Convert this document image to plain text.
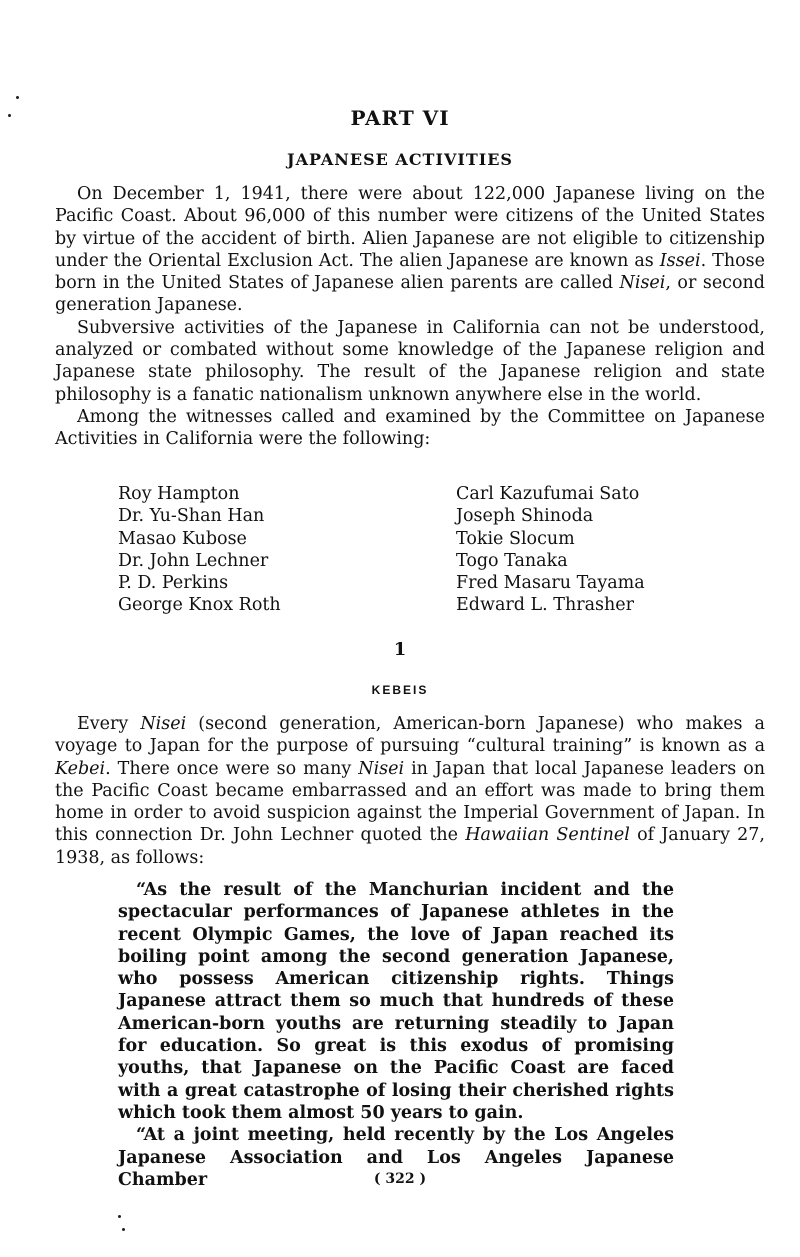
PART VI
JAPANESE ACTIVITIES

On December 1, 1941, there were about 122,000 Japanese living on the Pacific Coast. About 96,000 of this number were citizens of the United States by virtue of the accident of birth. Alien Japanese are not eligible to citizenship under the Oriental Exclusion Act. The alien Japanese are known as Issei. Those born in the United States of Japanese alien parents are called Nisei, or second generation Japanese.

Subversive activities of the Japanese in California can not be understood, analyzed or combated without some knowledge of the Japanese religion and Japanese state philosophy. The result of the Japanese religion and state philosophy is a fanatic nationalism unknown anywhere else in the world.

Among the witnesses called and examined by the Committee on Japanese Activities in California were the following:

Roy Hampton
Dr. Yu-Shan Han
Masao Kubose
Dr. John Lechner
P. D. Perkins
George Knox Roth
Carl Kazufumai Sato
Joseph Shinoda
Tokie Slocum
Togo Tanaka
Fred Masaru Tayama
Edward L. Thrasher
1
KEBEIS

Every Nisei (second generation, American-born Japanese) who makes a voyage to Japan for the purpose of pursuing “cultural training” is known as a Kebei. There once were so many Nisei in Japan that local Japanese leaders on the Pacific Coast became embarrassed and an effort was made to bring them home in order to avoid suspicion against the Imperial Government of Japan. In this connection Dr. John Lechner quoted the Hawaiian Sentinel of January 27, 1938, as follows:

“As the result of the Manchurian incident and the spectacular performances of Japanese athletes in the recent Olympic Games, the love of Japan reached its boiling point among the second generation Japanese, who possess American citizenship rights. Things Japanese attract them so much that hundreds of these American-born youths are returning steadily to Japan for education. So great is this exodus of promising youths, that Japanese on the Pacific Coast are faced with a great catastrophe of losing their cherished rights which took them almost 50 years to gain.

“At a joint meeting, held recently by the Los Angeles Japanese Association and Los Angeles Japanese Chamber	( 322 )
